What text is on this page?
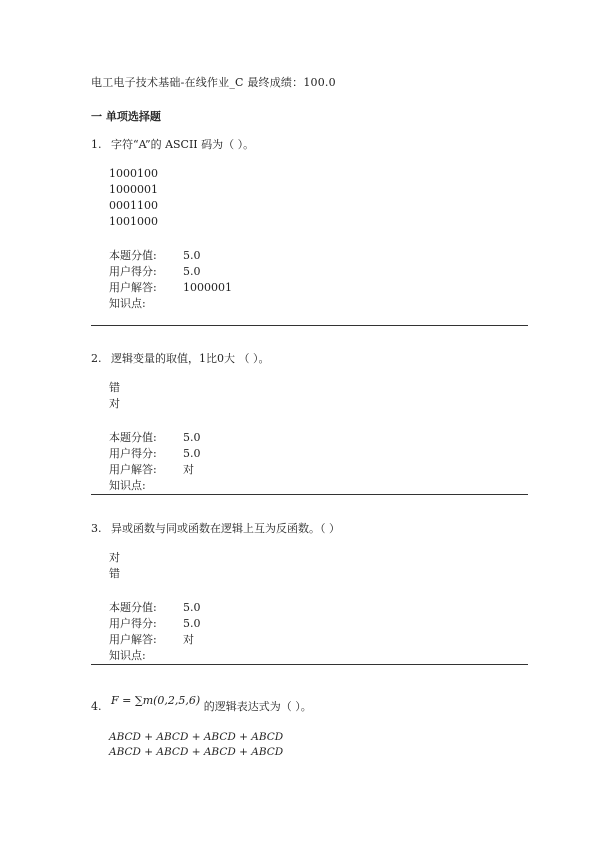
电工电子技术基础-在线作业_C 最终成绩：100.0
一 单项选择题
1. 字符“A”的 ASCII 码为（ ）。
1000100
1000001
0001100
1001000
本题分值:	5.0
用户得分:	5.0
用户解答:	1000001
知识点:
2. 逻辑变量的取值，1比0大 （ ）。
错
对
本题分值:	5.0
用户得分:	5.0
用户解答:	对
知识点:
3. 异或函数与同或函数在逻辑上互为反函数。（ ）
对
错
本题分值:	5.0
用户得分:	5.0
用户解答:	对
知识点:
4. F = ∑m(0,2,5,6) 的逻辑表达式为（ ）。
ABCD + ABCD + ABCD + ABCD
ABCD + ABCD + ABCD + ABCD
